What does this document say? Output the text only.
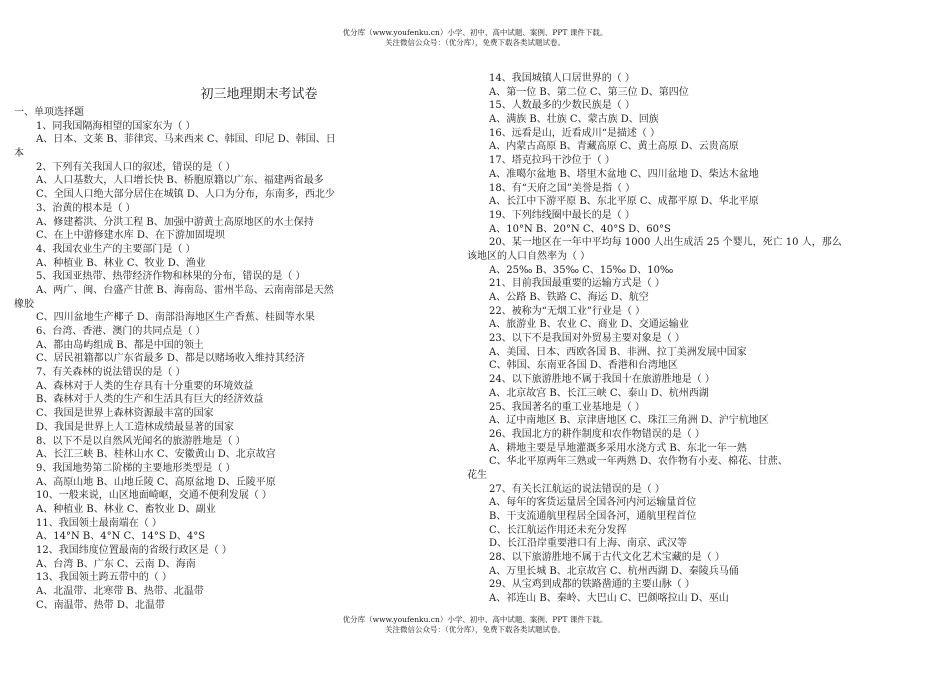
优分库（www.youfenku.cn）小学、初中、高中试题、案例、PPT 课件下载。
关注微信公众号：（优分库），免费下载各类试题试卷。
初三地理期末考试卷
一、单项选择题
1、同我国隔海相望的国家东为（ ）
A、日本、文莱 B、菲律宾、马来西来 C、韩国、印尼 D、韩国、日
本
2、下列有关我国人口的叙述，错误的是（ ）
A、人口基数大，人口增长快 B、桥胞原籍以广东、福建两省最多
C、全国人口绝大部分居住在城镇 D、人口为分布，东南多，西北少
3、治黄的根本是（ ）
A、修建蓄洪、分洪工程 B、加强中游黄土高原地区的水土保持
C、在上中游修建水库 D、在下游加固堤坝
4、我国农业生产的主要部门是（ ）
A、种植业 B、林业 C、牧业 D、渔业
5、我国亚热带、热带经济作物和林果的分布，错误的是（ ）
A、两广、闽、台盛产甘蔗 B、海南岛、雷州半岛、云南南部是天然
橡胶
C、四川盆地生产椰子 D、南部沿海地区生产香蕉、桂圆等水果
6、台湾、香港、澳门的共同点是（ ）
A、都由岛屿组成 B、都是中国的领土
C、居民祖籍都以广东省最多 D、都是以赌场收入维持其经济
7、有关森林的说法错误的是（ ）
A、森林对于人类的生存具有十分重要的环境效益
B、森林对于人类的生产和生活具有巨大的经济效益
C、我国是世界上森林资源最丰富的国家
D、我国是世界上人工造林成绩最显著的国家
8、以下不是以自然风光闻名的旅游胜地是（ ）
A、长江三峡 B、桂林山水 C、安徽黄山 D、北京故宫
9、我国地势第二阶梯的主要地形类型是（ ）
A、高原山地 B、山地丘陵 C、高原盆地 D、丘陵平原
10、一般来说，山区地面崎岖，交通不便利发展（ ）
A、种植业 B、林业 C、畜牧业 D、副业
11、我国领土最南端在（ ）
A、14°N B、4°N C、14°S D、4°S
12、我国纬度位置最南的省级行政区是（ ）
A、台湾 B、广东 C、云南 D、海南
13、我国领土跨五带中的（ ）
A、北温带、北寒带 B、热带、北温带
C、南温带、热带 D、北温带
14、我国城镇人口居世界的（ ）
A、第一位 B、第二位 C、第三位 D、第四位
15、人数最多的少数民族是（ ）
A、满族 B、壮族 C、蒙古族 D、回族
16、远看是山，近看成川“是描述（ ）
A、内蒙古高原 B、青藏高原 C、黄土高原 D、云贵高原
17、塔克拉玛干沙位于（ ）
A、准噶尔盆地 B、塔里木盆地 C、四川盆地 D、柴达木盆地
18、有“天府之国”美誉是指（ ）
A、长江中下游平原 B、东北平原 C、成都平原 D、华北平原
19、下列纬线圈中最长的是（ ）
A、10°N B、20°N C、40°S D、60°S
20、某一地区在一年中平均每 1000 人出生成活 25 个婴儿，死亡 10 人，那么
该地区的人口自然率为（ ）
A、25‰ B、35‰ C、15‰ D、10‰
21、目前我国最重要的运输方式是（ ）
A、公路 B、铁路 C、海运 D、航空
22、被称为“无烟工业”行业是（ ）
A、旅游业 B、农业 C、商业 D、交通运输业
23、以下不是我国对外贸易主要对象是（ ）
A、美国、日本、西欧各国 B、非洲、拉丁美洲发展中国家
C、韩国、东南亚各国 D、香港和台湾地区
24、以下旅游胜地不属于我国十在旅游胜地是（ ）
A、北京故宫 B、长江三峡 C、泰山 D、杭州西湖
25、我国著名的重工业基地是（ ）
A、辽中南地区 B、京津唐地区 C、珠江三角洲 D、沪宁杭地区
26、我国北方的耕作制度和农作物错误的是（ ）
A、耕地主要是旱地灌溉多采用水浇方式 B、东北一年一熟
C、华北平原两年三熟或一年两熟 D、农作物有小麦、棉花、甘蔗、
花生
27、有关长江航运的说法错误的是（ ）
A、每年的客货运量居全国各河内河运输量首位
B、干支流通航里程居全国各河，通航里程首位
C、长江航运作用还未充分发挥
D、长江沿岸重要港口有上海、南京、武汉等
28、以下旅游胜地不属于古代文化艺术宝藏的是（ ）
A、万里长城 B、北京故宫 C、杭州西湖 D、秦陵兵马俑
29、从宝鸡到成都的铁路凿通的主要山脉（ ）
A、祁连山 B、秦岭、大巴山 C、巴颜喀拉山 D、巫山
优分库（www.youfenku.cn）小学、初中、高中试题、案例、PPT 课件下载。
关注微信公众号：（优分库），免费下载各类试题试卷。
